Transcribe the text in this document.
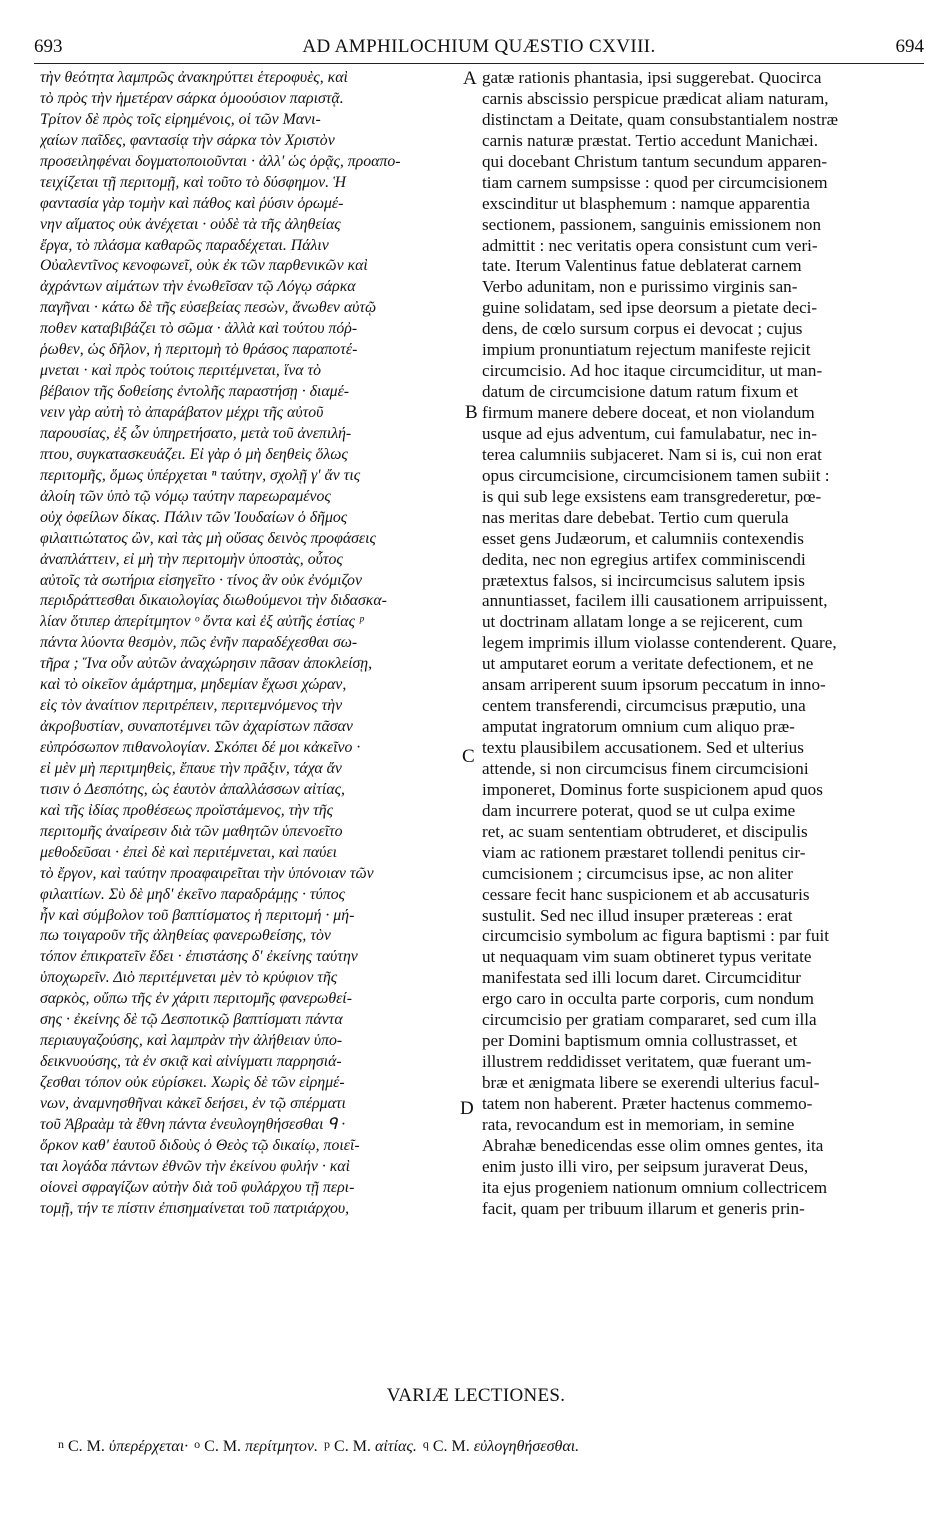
693	AD AMPHILOCHIUM QUÆSTIO CXVIII.	694
τὴν θεότητα λαμπρῶς ἀνακηρύττει ἑτεροφυὲς, καὶ
τὸ πρὸς τὴν ἡμετέραν σάρκα ὁμοούσιον παριστᾷ.
Τρίτον δὲ πρὸς τοῖς εἰρημένοις, οἱ τῶν Μανι-
χαίων παῖδες, φαντασίᾳ τὴν σάρκα τὸν Χριστὸν
προσειληφέναι δογματοποιοῦνται · ἀλλ' ὡς ὁρᾷς, προαπο-
τειχίζεται τῇ περιτομῇ, καὶ τοῦτο τὸ δύσφημον. Ἡ
φαντασία γὰρ τομὴν καὶ πάθος καὶ ῥύσιν ὁρωμέ-
νην αἵματος οὐκ ἀνέχεται · οὐδὲ τὰ τῆς ἀληθείας
ἔργα, τὸ πλάσμα καθαρῶς παραδέχεται. Πάλιν
Οὐαλεντῖνος κενοφωνεῖ, οὐκ ἐκ τῶν παρθενικῶν καὶ
ἀχράντων αἱμάτων τὴν ἑνωθεῖσαν τῷ Λόγῳ σάρκα
παγῆναι · κάτω δὲ τῆς εὐσεβείας πεσὼν, ἄνωθεν αὐτῷ
ποθεν καταβιβάζει τὸ σῶμα · ἀλλὰ καὶ τούτου πόῤ-
ῥωθεν, ὡς δῆλον, ἡ περιτομὴ τὸ θράσος παραποτέ-
μνεται · καὶ πρὸς τούτοις περιτέμνεται, ἵνα τὸ
βέβαιον τῆς δοθείσης ἐντολῆς παραστήσῃ · διαμέ-
νειν γὰρ αὐτὴ τὸ ἀπαράβατον μέχρι τῆς αὐτοῦ
παρουσίας, ἐξ ὧν ὑπηρετήσατο, μετὰ τοῦ ἀνεπιλή-
πτου, συγκατασκευάζει. Εἰ γὰρ ὁ μὴ δεηθεὶς ὅλως
περιτομῆς, ὅμως ὑπέρχεται ⁿ ταύτην, σχολῇ γ' ἄν τις
ἀλοίη τῶν ὑπὸ τῷ νόμῳ ταύτην παρεωραμένος
οὐχ ὀφείλων δίκας. Πάλιν τῶν Ἰουδαίων ὁ δῆμος
φιλαιτιώτατος ὢν, καὶ τὰς μὴ οὔσας δεινὸς προφάσεις
ἀναπλάττειν, εἰ μὴ τὴν περιτομὴν ὑποστὰς, οὗτος
αὐτοῖς τὰ σωτήρια εἰσηγεῖτο · τίνος ἂν οὐκ ἐνόμιζον
περιδράττεσθαι δικαιολογίας διωθούμενοι τὴν διδασκα-
λίαν ὅτιπερ ἀπερίτμητον ᵒ ὄντα καὶ ἐξ αὐτῆς ἑστίας ᵖ
πάντα λύοντα θεσμὸν, πῶς ἐνῆν παραδέχεσθαι σω-
τῆρα ; Ἵνα οὖν αὐτῶν ἀναχώρησιν πᾶσαν ἀποκλείσῃ,
καὶ τὸ οἰκεῖον ἁμάρτημα, μηδεμίαν ἔχωσι χώραν,
εἰς τὸν ἀναίτιον περιτρέπειν, περιτεμνόμενος τὴν
ἀκροβυστίαν, συναποτέμνει τῶν ἀχαρίστων πᾶσαν
εὐπρόσωπον πιθανολογίαν. Σκόπει δέ μοι κἀκεῖνο ·
εἰ μὲν μὴ περιτμηθεὶς, ἔπαυε τὴν πρᾶξιν, τάχα ἄν
τισιν ὁ Δεσπότης, ὡς ἑαυτὸν ἀπαλλάσσων αἰτίας,
καὶ τῆς ἰδίας προθέσεως προϊστάμενος, τὴν τῆς
περιτομῆς ἀναίρεσιν διὰ τῶν μαθητῶν ὑπενοεῖτο
μεθοδεῦσαι · ἐπεὶ δὲ καὶ περιτέμνεται, καὶ παύει
τὸ ἔργον, καὶ ταύτην προαφαιρεῖται τὴν ὑπόνοιαν τῶν
φιλαιτίων. Σὺ δὲ μηδ' ἐκεῖνο παραδράμῃς · τύπος
ἦν καὶ σύμβολον τοῦ βαπτίσματος ἡ περιτομή · μή-
πω τοιγαροῦν τῆς ἀληθείας φανερωθείσης, τὸν
τόπον ἐπικρατεῖν ἔδει · ἐπιστάσης δ' ἐκείνης ταύτην
ὑποχωρεῖν. Διὸ περιτέμνεται μὲν τὸ κρύφιον τῆς
σαρκὸς, οὔπω τῆς ἐν χάριτι περιτομῆς φανερωθεί-
σης · ἐκείνης δὲ τῷ Δεσποτικῷ βαπτίσματι πάντα
περιαυγαζούσης, καὶ λαμπρὰν τὴν ἀλήθειαν ὑπο-
δεικνυούσης, τὰ ἐν σκιᾷ καὶ αἰνίγματι παρρησιά-
ζεσθαι τόπον οὐκ εὑρίσκει. Χωρὶς δὲ τῶν εἰρημέ-
νων, ἀναμνησθῆναι κἀκεῖ δεήσει, ἐν τῷ σπέρματι
τοῦ Ἀβραὰμ τὰ ἔθνη πάντα ἐνευλογηθήσεσθαι ᑫ ·
ὅρκον καθ' ἑαυτοῦ διδοὺς ὁ Θεὸς τῷ δικαίῳ, ποιεῖ-
ται λογάδα πάντων ἐθνῶν τὴν ἐκείνου φυλήν · καὶ
οἱονεὶ σφραγίζων αὐτὴν διὰ τοῦ φυλάρχου τῇ περι-
τομῇ, τήν τε πίστιν ἐπισημαίνεται τοῦ πατριάρχου,
gatæ rationis phantasia, ipsi suggerebat. Quocirca
carnis abscissio perspicue prædicat aliam naturam,
distinctam a Deitate, quam consubstantialem nostræ
carnis naturæ præstat. Tertio accedunt Manichæi.
qui docebant Christum tantum secundum apparen-
tiam carnem sumpsisse : quod per circumcisionem
exscinditur ut blasphemum : namque apparentia
sectionem, passionem, sanguinis emissionem non
admittit : nec veritatis opera consistunt cum veri-
tate. Iterum Valentinus fatue deblaterat carnem
Verbo adunitam, non e purissimo virginis san-
guine solidatam, sed ipse deorsum a pietate deci-
dens, de cœlo sursum corpus ei devocat ; cujus
impium pronuntiatum rejectum manifeste rejicit
circumcisio. Ad hoc itaque circumciditur, ut man-
datum de circumcisione datum ratum fixum et
firmum manere debere doceat, et non violandum
usque ad ejus adventum, cui famulabatur, nec in-
terea calumniis subjaceret. Nam si is, cui non erat
opus circumcisione, circumcisionem tamen subiit :
is qui sub lege exsistens eam transgrederetur, pœ-
nas meritas dare debebat. Tertio cum querula
esset gens Judæorum, et calumniis contexendis
dedita, nec non egregius artifex comminiscendi
prætextus falsos, si incircumcisus salutem ipsis
annuntiasset, facilem illi causationem arripuissent,
ut doctrinam allatam longe a se rejicerent, cum
legem imprimis illum violasse contenderent. Quare,
ut amputaret eorum a veritate defectionem, et ne
ansam arriperent suum ipsorum peccatum in inno-
centem transferendi, circumcisus præputio, una
amputat ingratorum omnium cum aliquo præ-
textu plausibilem accusationem. Sed et ulterius
attende, si non circumcisus finem circumcisioni
imponeret, Dominus forte suspicionem apud quos
dam incurrere poterat, quod se ut culpa exime
ret, ac suam sententiam obtruderet, et discipulis
viam ac rationem præstaret tollendi penitus cir-
cumcisionem ; circumcisus ipse, ac non aliter
cessare fecit hanc suspicionem et ab accusaturis
sustulit. Sed nec illud insuper prætereas : erat
circumcisio symbolum ac figura baptismi : par fuit
ut nequaquam vim suam obtineret typus veritate
manifestata sed illi locum daret. Circumciditur
ergo caro in occulta parte corporis, cum nondum
circumcisio per gratiam compararet, sed cum illa
per Domini baptismum omnia collustrasset, et
illustrem reddidisset veritatem, quæ fuerant um-
bræ et ænigmata libere se exerendi ulterius facul-
tatem non haberent. Præter hactenus commemo-
rata, revocandum est in memoriam, in semine
Abrahæ benedicendas esse olim omnes gentes, ita
enim justo illi viro, per seipsum juraverat Deus,
ita ejus progeniem nationum omnium collectricem
facit, quam per tribuum illarum et generis prin-
A
B
C
D
VARIÆ LECTIONES.
$^n$ C. M. ὑπερέρχεται· $^o$ C. M. περίτμητον. $^p$ C. M. αἰτίας. $^q$ C. M. εὐλογηθήσεσθαι.
